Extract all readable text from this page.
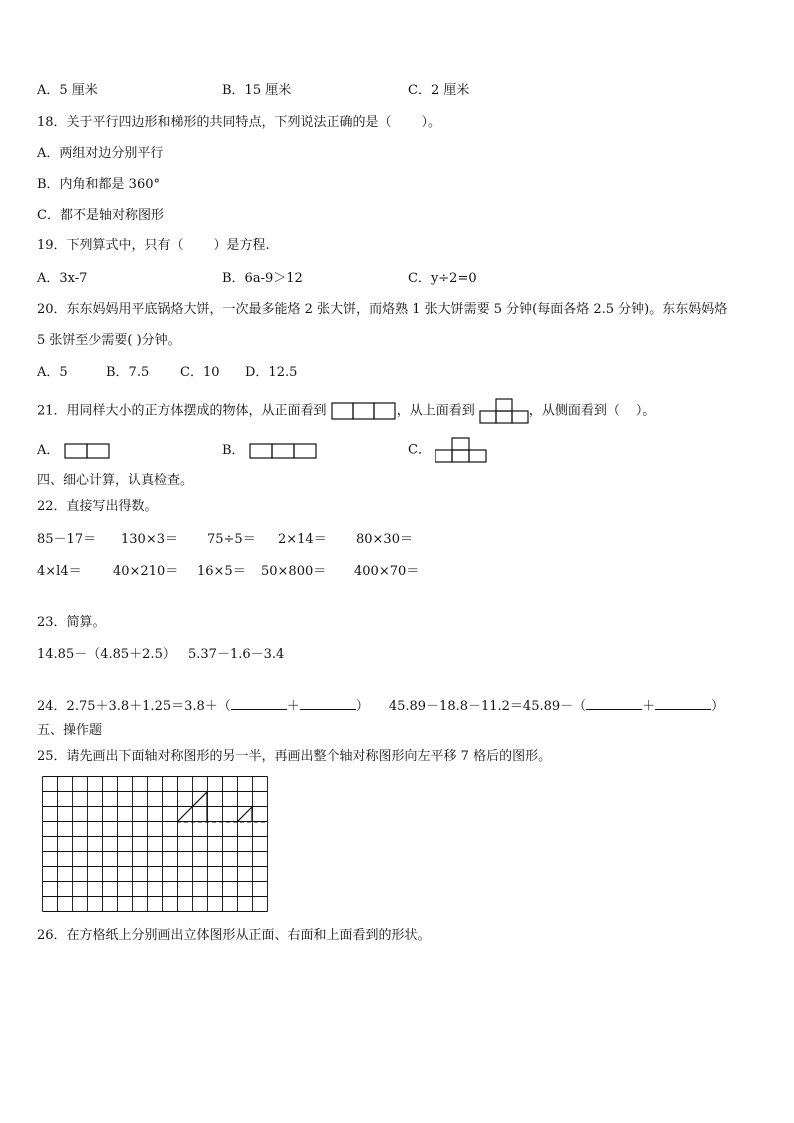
A．5 厘米	B．15 厘米	C．2 厘米
18．关于平行四边形和梯形的共同特点，下列说法正确的是（ ）。
A．两组对边分别平行
B．内角和都是 360°
C．都不是轴对称图形
19．下列算式中，只有（ ）是方程.
A．3x-7	B．6a-9＞12	C．y÷2=0
20．东东妈妈用平底锅烙大饼，一次最多能烙 2 张大饼，而烙熟 1 张大饼需要 5 分钟(每面各烙 2.5 分钟)。东东妈妈烙
5 张饼至少需要( )分钟。
A．5	B．7.5 C．10 D．12.5
21．用同样大小的正方体摆成的物体，从正面看到	，从上面看到	，从侧面看到（ ）。
A．	B．	C．
四、细心计算，认真检查。
22．直接写出得数。
85－17＝ 130×3＝ 75÷5＝ 2×14＝ 80×30＝
4×l4＝ 40×210＝ 16×5＝ 50×800＝ 400×70＝
23．简算。
14.85－（4.85＋2.5） 5.37－1.6－3.4
24．2.75＋3.8＋1.25＝3.8＋（	＋	） 45.89－18.8－11.2＝45.89－（	＋	）
五、操作题
25．请先画出下面轴对称图形的另一半，再画出整个轴对称图形向左平移 7 格后的图形。
26．在方格纸上分别画出立体图形从正面、右面和上面看到的形状。
